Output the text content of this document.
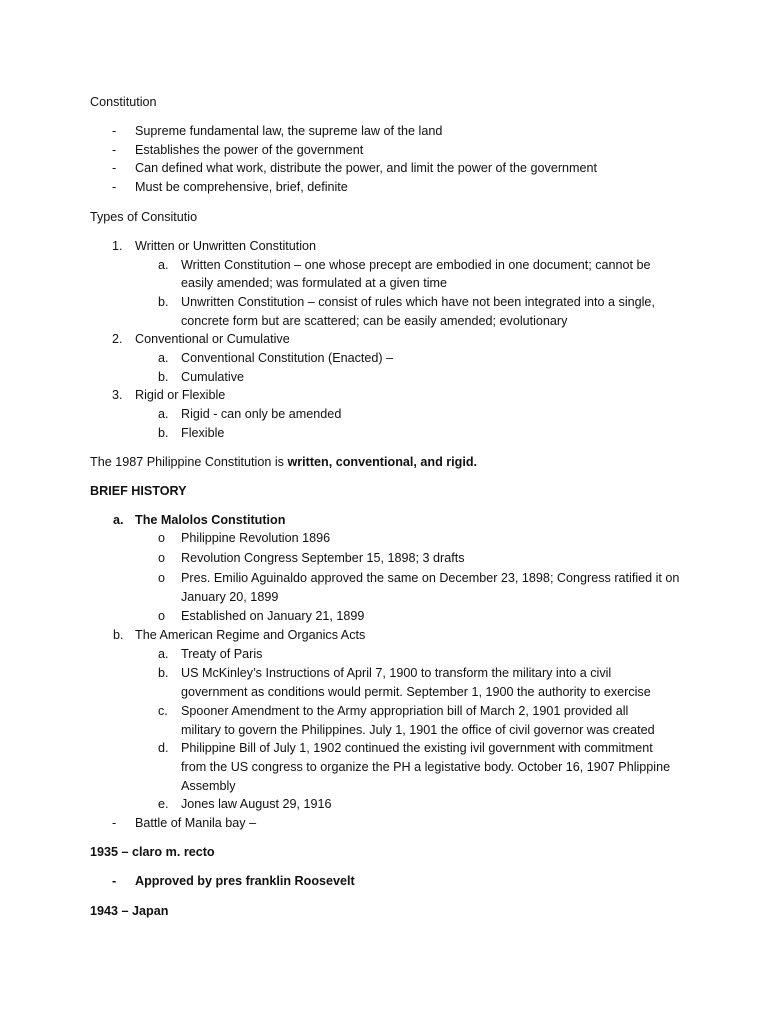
Constitution
- Supreme fundamental law, the supreme law of the land
- Establishes the power of the government
- Can defined what work, distribute the power, and limit the power of the government
- Must be comprehensive, brief, definite
Types of Consitutio
1. Written or Unwritten Constitution
a. Written Constitution – one whose precept are embodied in one document; cannot be
easily amended; was formulated at a given time
b. Unwritten Constitution – consist of rules which have not been integrated into a single,
concrete form but are scattered; can be easily amended; evolutionary
2. Conventional or Cumulative
a. Conventional Constitution (Enacted) –
b. Cumulative
3. Rigid or Flexible
a. Rigid - can only be amended
b. Flexible
The 1987 Philippine Constitution is written, conventional, and rigid.
BRIEF HISTORY
a. The Malolos Constitution
o Philippine Revolution 1896
o Revolution Congress September 15, 1898; 3 drafts
o Pres. Emilio Aguinaldo approved the same on December 23, 1898; Congress ratified it on
January 20, 1899
o Established on January 21, 1899
b. The American Regime and Organics Acts
a. Treaty of Paris
b. US McKinley’s Instructions of April 7, 1900 to transform the military into a civil
government as conditions would permit. September 1, 1900 the authority to exercise
c. Spooner Amendment to the Army appropriation bill of March 2, 1901 provided all
military to govern the Philippines. July 1, 1901 the office of civil governor was created
d. Philippine Bill of July 1, 1902 continued the existing ivil government with commitment
from the US congress to organize the PH a legistative body. October 16, 1907 Phlippine
Assembly
e. Jones law August 29, 1916
- Battle of Manila bay –
1935 – claro m. recto
- Approved by pres franklin Roosevelt
1943 – Japan
